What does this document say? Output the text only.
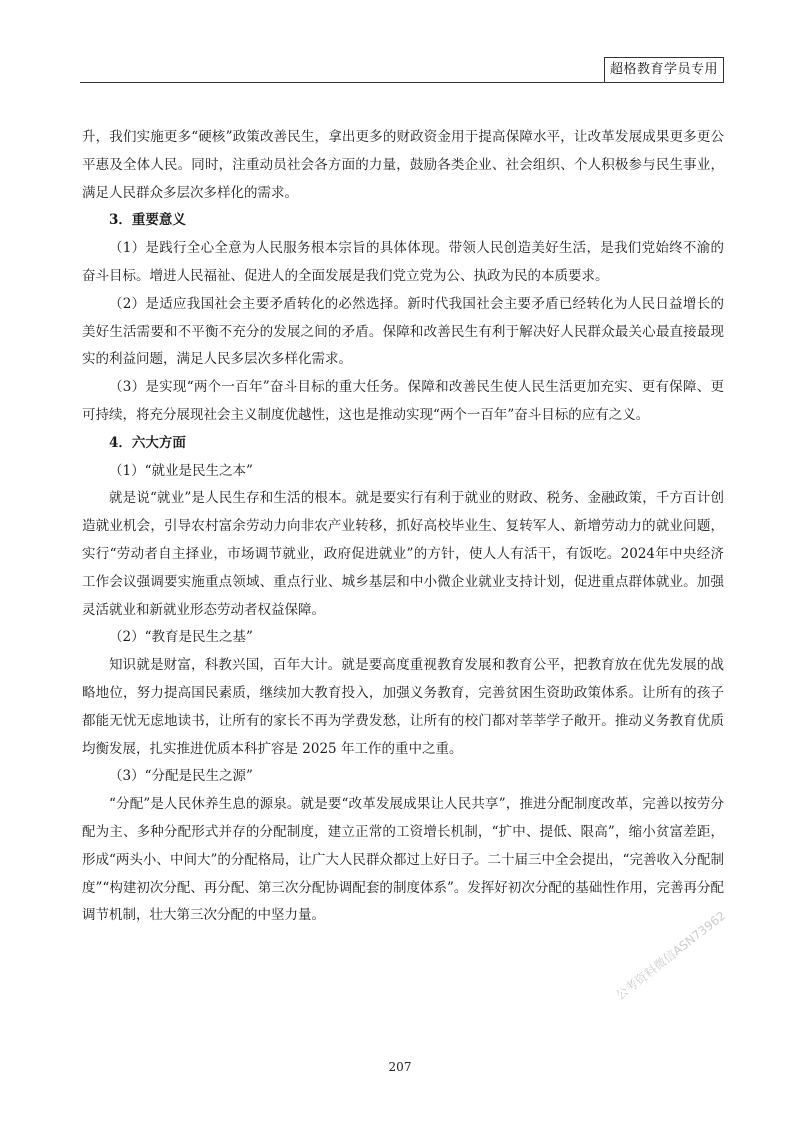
超格教育学员专用

升，我们实施更多“硬核”政策改善民生，拿出更多的财政资金用于提高保障水平，让改革发展成果更多更公平惠及全体人民。同时，注重动员社会各方面的力量，鼓励各类企业、社会组织、个人积极参与民生事业，满足人民群众多层次多样化的需求。

3．重要意义

（1）是践行全心全意为人民服务根本宗旨的具体体现。带领人民创造美好生活，是我们党始终不渝的奋斗目标。增进人民福祉、促进人的全面发展是我们党立党为公、执政为民的本质要求。

（2）是适应我国社会主要矛盾转化的必然选择。新时代我国社会主要矛盾已经转化为人民日益增长的美好生活需要和不平衡不充分的发展之间的矛盾。保障和改善民生有利于解决好人民群众最关心最直接最现实的利益问题，满足人民多层次多样化需求。

（3）是实现“两个一百年”奋斗目标的重大任务。保障和改善民生使人民生活更加充实、更有保障、更可持续，将充分展现社会主义制度优越性，这也是推动实现“两个一百年”奋斗目标的应有之义。

4．六大方面

（1）“就业是民生之本”

就是说“就业”是人民生存和生活的根本。就是要实行有利于就业的财政、税务、金融政策，千方百计创造就业机会，引导农村富余劳动力向非农产业转移，抓好高校毕业生、复转军人、新增劳动力的就业问题，实行“劳动者自主择业，市场调节就业，政府促进就业”的方针，使人人有活干，有饭吃。2024年中央经济工作会议强调要实施重点领域、重点行业、城乡基层和中小微企业就业支持计划，促进重点群体就业。加强灵活就业和新就业形态劳动者权益保障。

（2）“教育是民生之基”

知识就是财富，科教兴国，百年大计。就是要高度重视教育发展和教育公平，把教育放在优先发展的战略地位，努力提高国民素质，继续加大教育投入，加强义务教育，完善贫困生资助政策体系。让所有的孩子都能无忧无虑地读书，让所有的家长不再为学费发愁，让所有的校门都对莘莘学子敞开。推动义务教育优质均衡发展，扎实推进优质本科扩容是 2025 年工作的重中之重。

（3）“分配是民生之源”

“分配”是人民休养生息的源泉。就是要“改革发展成果让人民共享”，推进分配制度改革，完善以按劳分配为主、多种分配形式并存的分配制度，建立正常的工资增长机制，“扩中、提低、限高”，缩小贫富差距，形成“两头小、中间大”的分配格局，让广大人民群众都过上好日子。二十届三中全会提出，“完善收入分配制度”“构建初次分配、再分配、第三次分配协调配套的制度体系”。发挥好初次分配的基础性作用，完善再分配调节机制，壮大第三次分配的中坚力量。

207
公考资料微信ASN73962
